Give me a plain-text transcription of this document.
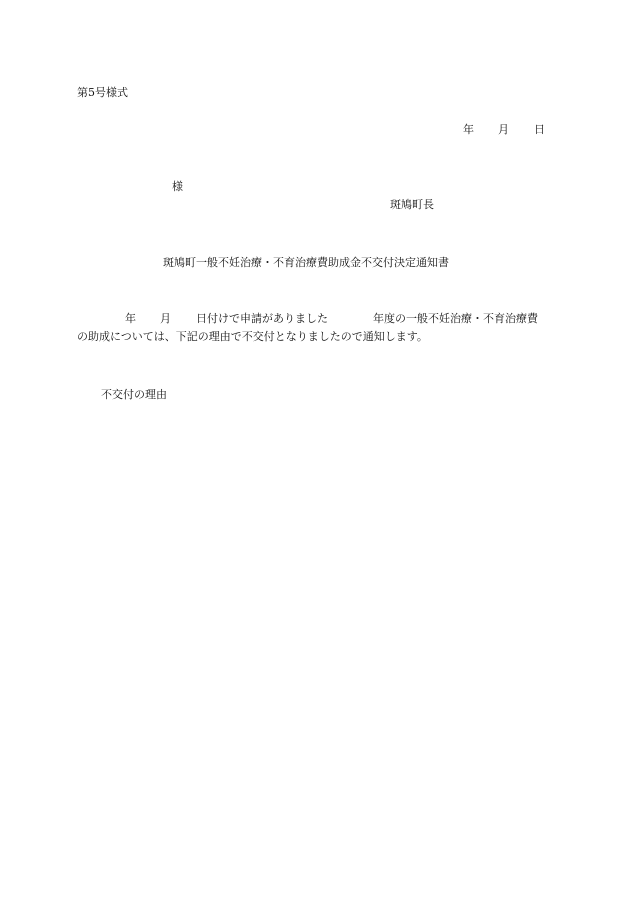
第5号様式
年 月 日
様
斑鳩町長
斑鳩町一般不妊治療・不育治療費助成金不交付決定通知書
年 月 日付けで申請がありました	年度の一般不妊治療・不育治療費
の助成については、下記の理由で不交付となりましたので通知します。
不交付の理由
